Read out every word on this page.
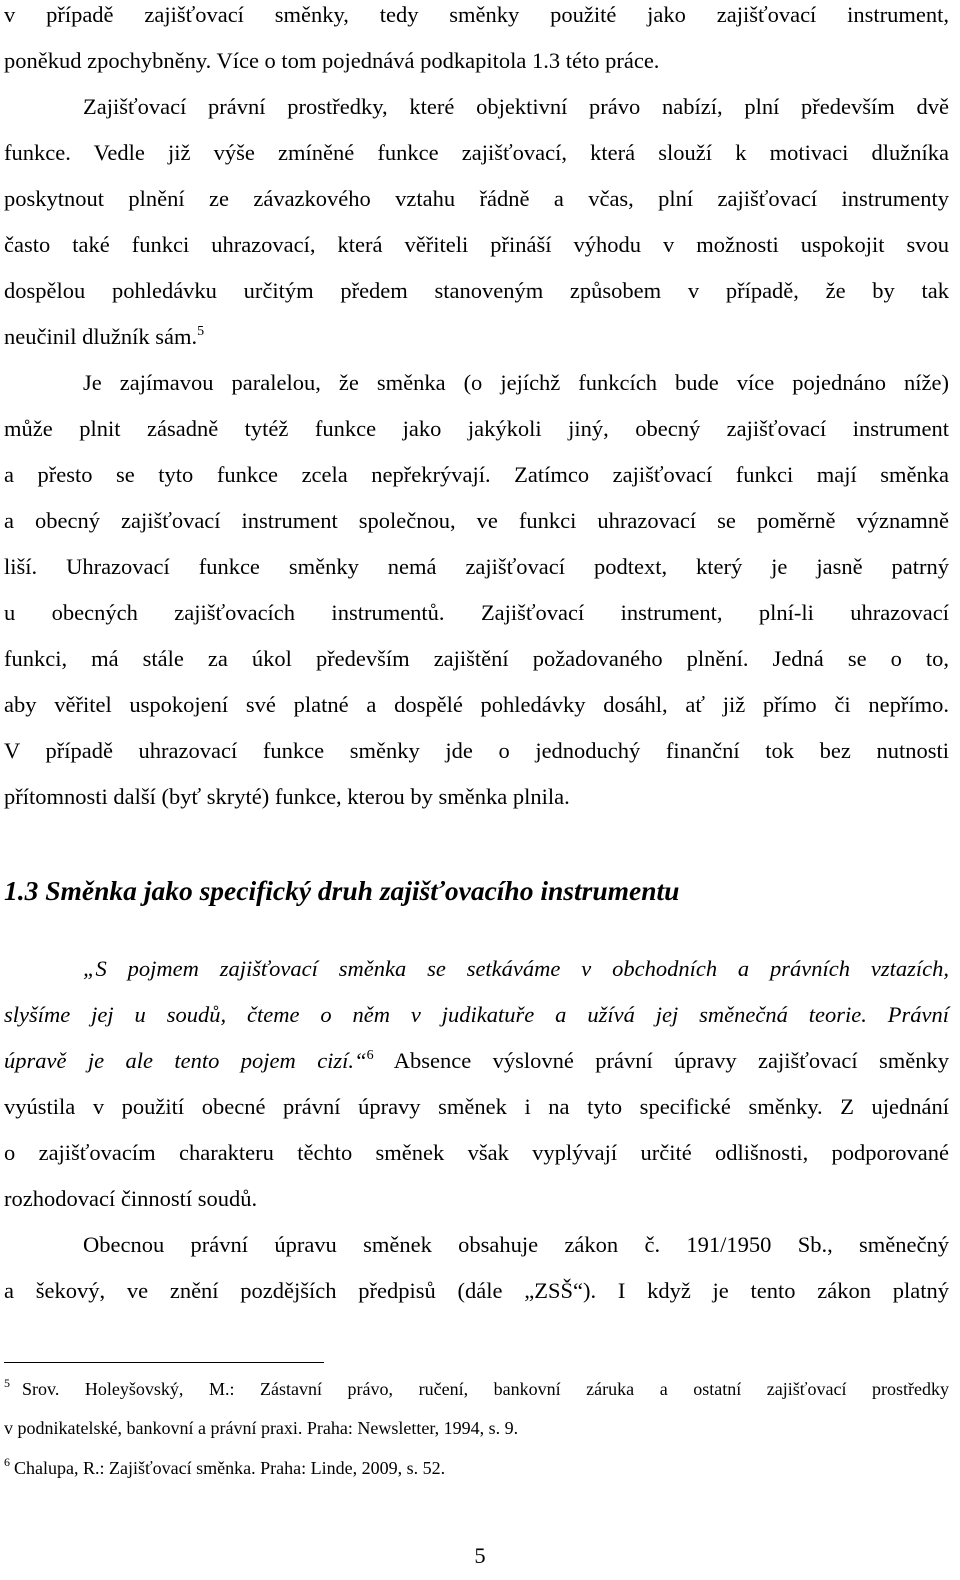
v případě zajišťovací směnky, tedy směnky použité jako zajišťovací instrument,
poněkud zpochybněny. Více o tom pojednává podkapitola 1.3 této práce.
Zajišťovací právní prostředky, které objektivní právo nabízí, plní především dvě
funkce. Vedle již výše zmíněné funkce zajišťovací, která slouží k motivaci dlužníka
poskytnout plnění ze závazkového vztahu řádně a včas, plní zajišťovací instrumenty
často také funkci uhrazovací, která věřiteli přináší výhodu v možnosti uspokojit svou
dospělou pohledávku určitým předem stanoveným způsobem v případě, že by tak
neučinil dlužník sám.$^5$
Je zajímavou paralelou, že směnka (o jejíchž funkcích bude více pojednáno níže)
může plnit zásadně tytéž funkce jako jakýkoli jiný, obecný zajišťovací instrument
a přesto se tyto funkce zcela nepřekrývají. Zatímco zajišťovací funkci mají směnka
a obecný zajišťovací instrument společnou, ve funkci uhrazovací se poměrně významně
liší. Uhrazovací funkce směnky nemá zajišťovací podtext, který je jasně patrný
u obecných zajišťovacích instrumentů. Zajišťovací instrument, plní-li uhrazovací
funkci, má stále za úkol především zajištění požadovaného plnění. Jedná se o to,
aby věřitel uspokojení své platné a dospělé pohledávky dosáhl, ať již přímo či nepřímo.
V případě uhrazovací funkce směnky jde o jednoduchý finanční tok bez nutnosti
přítomnosti další (byť skryté) funkce, kterou by směnka plnila.
1.3 Směnka jako specifický druh zajišťovacího instrumentu
„S pojmem zajišťovací směnka se setkáváme v obchodních a právních vztazích,
slyšíme jej u soudů, čteme o něm v judikatuře a užívá jej směnečná teorie. Právní
úpravě je ale tento pojem cizí.“$^6$ Absence výslovné právní úpravy zajišťovací směnky
vyústila v použití obecné právní úpravy směnek i na tyto specifické směnky. Z ujednání
o zajišťovacím charakteru těchto směnek však vyplývají určité odlišnosti, podporované
rozhodovací činností soudů.
Obecnou právní úpravu směnek obsahuje zákon č. 191/1950 Sb., směnečný
a šekový, ve znění pozdějších předpisů (dále „ZSŠ“). I když je tento zákon platný
$^5$ Srov. Holeyšovský, M.: Zástavní právo, ručení, bankovní záruka a ostatní zajišťovací prostředky
v podnikatelské, bankovní a právní praxi. Praha: Newsletter, 1994, s. 9.
$^6$ Chalupa, R.: Zajišťovací směnka. Praha: Linde, 2009, s. 52.
5
